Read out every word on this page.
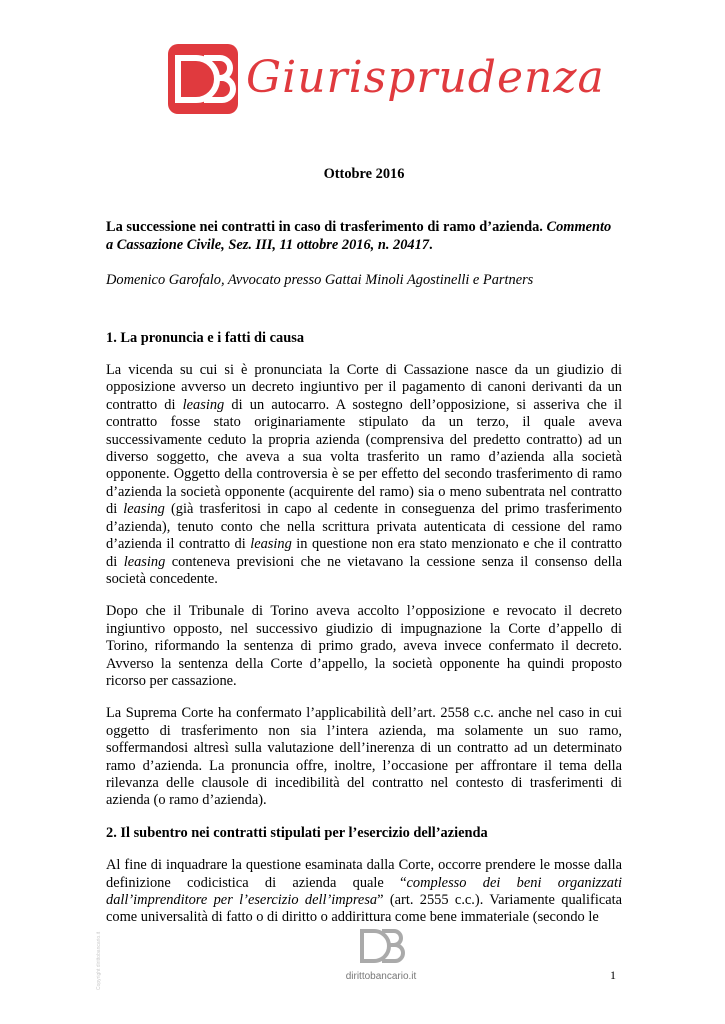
Giurisprudenza
Ottobre 2016
La successione nei contratti in caso di trasferimento di ramo d’azienda. Commento a Cassazione Civile, Sez. III, 11 ottobre 2016, n. 20417.
Domenico Garofalo, Avvocato presso Gattai Minoli Agostinelli e Partners
1. La pronuncia e i fatti di causa

La vicenda su cui si è pronunciata la Corte di Cassazione nasce da un giudizio di opposizione avverso un decreto ingiuntivo per il pagamento di canoni derivanti da un contratto di leasing di un autocarro. A sostegno dell’opposizione, si asseriva che il contratto fosse stato originariamente stipulato da un terzo, il quale aveva successivamente ceduto la propria azienda (comprensiva del predetto contratto) ad un diverso soggetto, che aveva a sua volta trasferito un ramo d’azienda alla società opponente. Oggetto della controversia è se per effetto del secondo trasferimento di ramo d’azienda la società opponente (acquirente del ramo) sia o meno subentrata nel contratto di leasing (già trasferitosi in capo al cedente in conseguenza del primo trasferimento d’azienda), tenuto conto che nella scrittura privata autenticata di cessione del ramo d’azienda il contratto di leasing in questione non era stato menzionato e che il contratto di leasing conteneva previsioni che ne vietavano la cessione senza il consenso della società concedente.

Dopo che il Tribunale di Torino aveva accolto l’opposizione e revocato il decreto ingiuntivo opposto, nel successivo giudizio di impugnazione la Corte d’appello di Torino, riformando la sentenza di primo grado, aveva invece confermato il decreto. Avverso la sentenza della Corte d’appello, la società opponente ha quindi proposto ricorso per cassazione.

La Suprema Corte ha confermato l’applicabilità dell’art. 2558 c.c. anche nel caso in cui oggetto di trasferimento non sia l’intera azienda, ma solamente un suo ramo, soffermandosi altresì sulla valutazione dell’inerenza di un contratto ad un determinato ramo d’azienda. La pronuncia offre, inoltre, l’occasione per affrontare il tema della rilevanza delle clausole di incedibilità del contratto nel contesto di trasferimenti di azienda (o ramo d’azienda).

2. Il subentro nei contratti stipulati per l’esercizio dell’azienda

Al fine di inquadrare la questione esaminata dalla Corte, occorre prendere le mosse dalla definizione codicistica di azienda quale “complesso dei beni organizzati dall’imprenditore per l’esercizio dell’impresa” (art. 2555 c.c.). Variamente qualificata come universalità di fatto o di diritto o addirittura come bene immateriale (secondo le

Copyright dirittobancario.it	dirittobancario.it	1
